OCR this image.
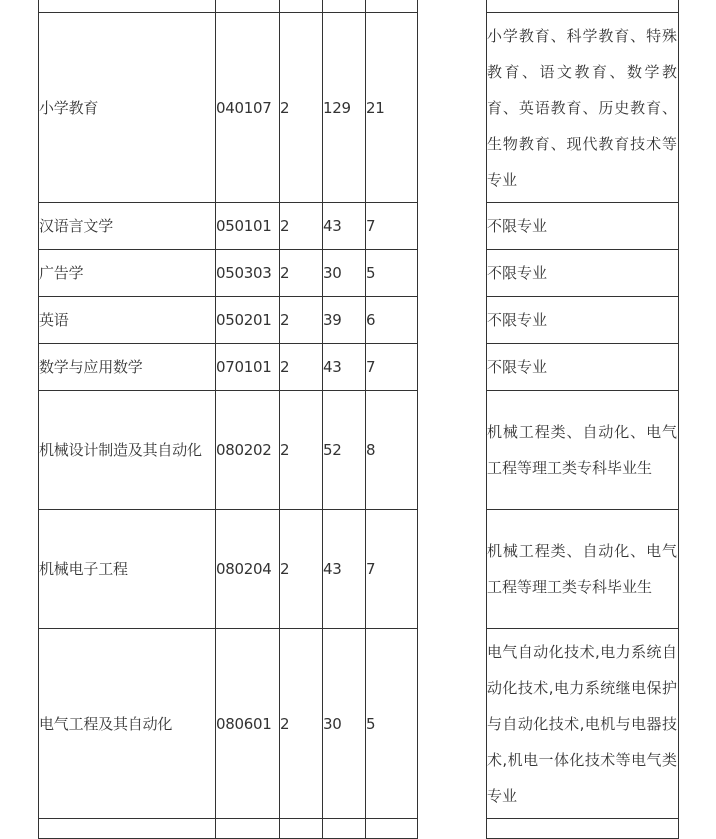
小学教育	040107	2	129	21		小学教育、科学教育、特殊教育、语文教育、数学教育、英语教育、历史教育、生物教育、现代教育技术等专业
汉语言文学	050101	2	43	7		不限专业
广告学	050303	2	30	5		不限专业
英语	050201	2	39	6		不限专业
数学与应用数学	070101	2	43	7		不限专业
机械设计制造及其自动化	080202	2	52	8		机械工程类、自动化、电气工程等理工类专科毕业生
机械电子工程	080204	2	43	7		机械工程类、自动化、电气工程等理工类专科毕业生
电气工程及其自动化	080601	2	30	5		电气自动化技术,电力系统自动化技术,电力系统继电保护与自动化技术,电机与电器技术,机电一体化技术等电气类专业
